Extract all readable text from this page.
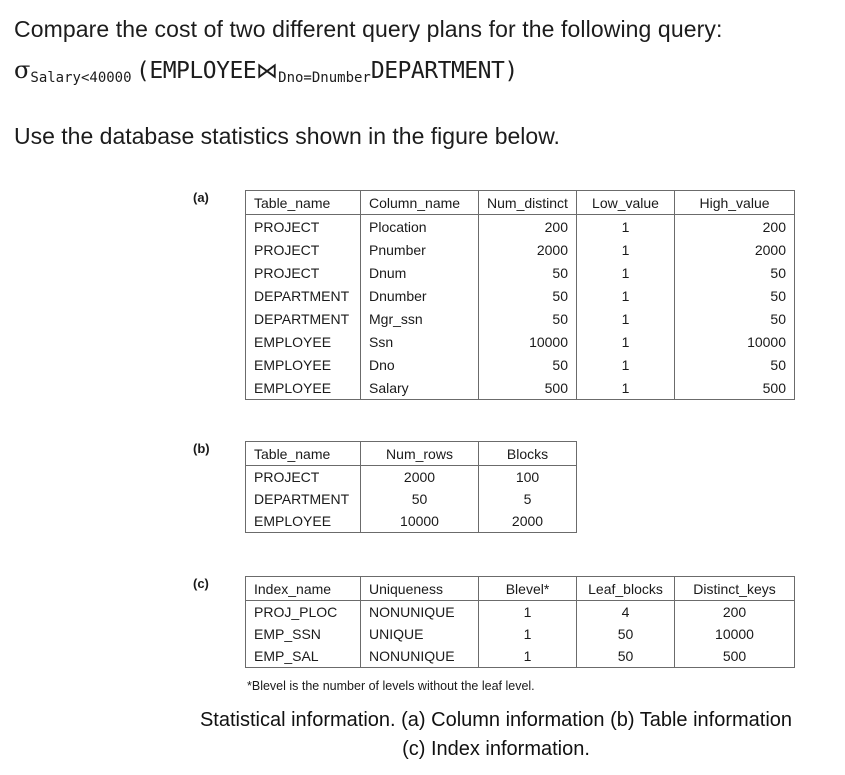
Compare the cost of two different query plans for the following query:
σSalary<40000 (EMPLOYEE⋈Dno=DnumberDEPARTMENT)
Use the database statistics shown in the figure below.
(a)	Table_name	Column_name	Num_distinct	Low_value	High_value
PROJECT	Plocation	200	1	200
PROJECT	Pnumber	2000	1	2000
PROJECT	Dnum	50	1	50
DEPARTMENT	Dnumber	50	1	50
DEPARTMENT	Mgr_ssn	50	1	50
EMPLOYEE	Ssn	10000	1	10000
EMPLOYEE	Dno	50	1	50
EMPLOYEE	Salary	500	1	500
(b)	Table_name	Num_rows	Blocks
PROJECT	2000	100
DEPARTMENT	50	5
EMPLOYEE	10000	2000
(c)	Index_name	Uniqueness	Blevel*	Leaf_blocks	Distinct_keys
PROJ_PLOC	NONUNIQUE	1	4	200
EMP_SSN	UNIQUE	1	50	10000
EMP_SAL	NONUNIQUE	1	50	500
*Blevel is the number of levels without the leaf level.
Statistical information. (a) Column information (b) Table information
(c) Index information.
